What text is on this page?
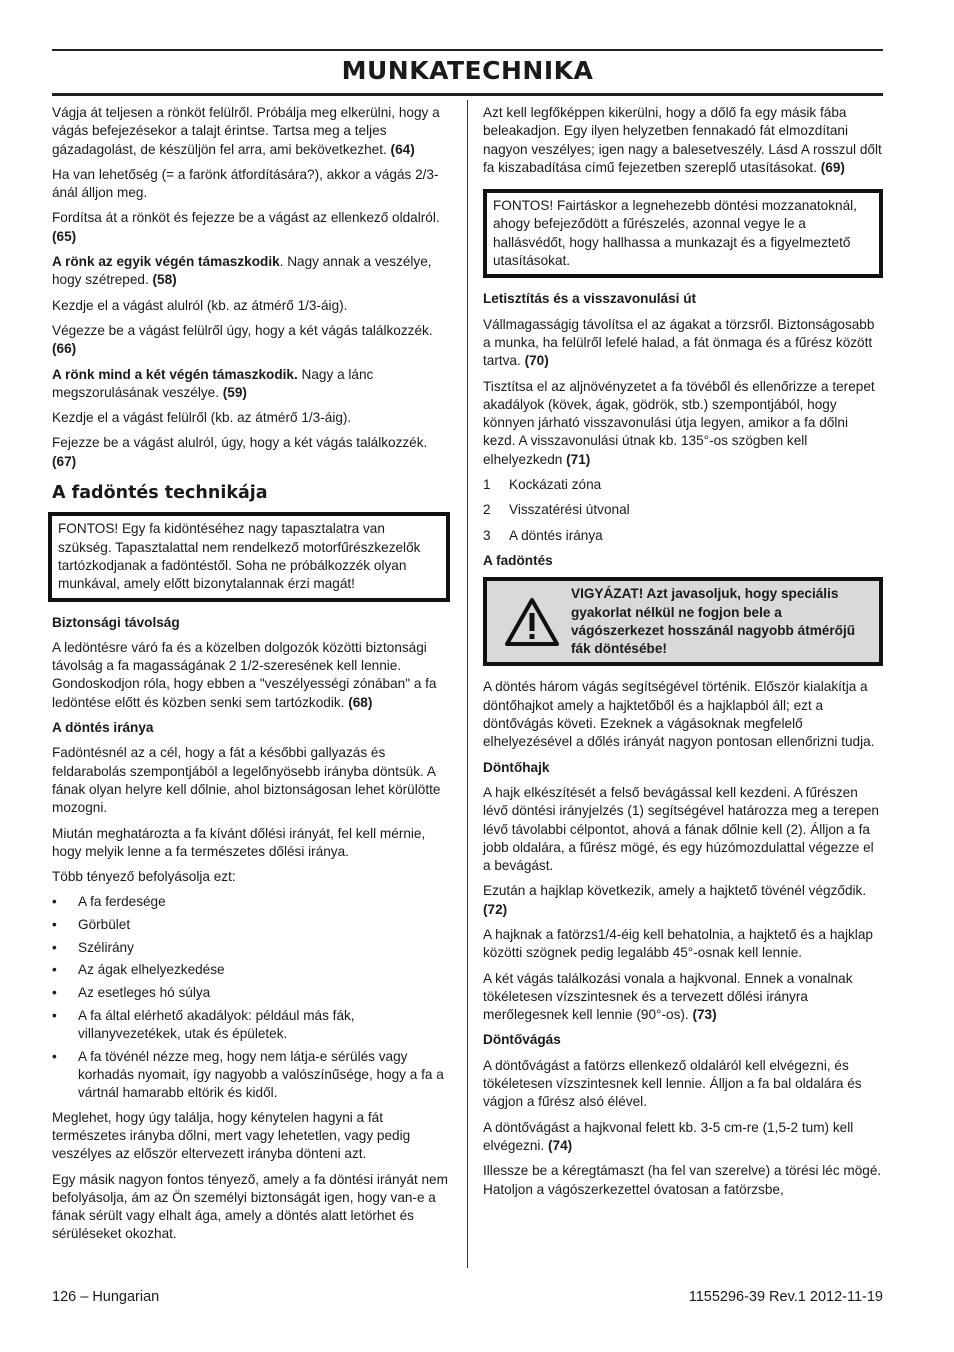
MUNKATECHNIKA

Vágja át teljesen a rönköt felülről. Próbálja meg elkerülni, hogy a vágás befejezésekor a talajt érintse. Tartsa meg a teljes gázadagolást, de készüljön fel arra, ami bekövetkezhet. (64)

Ha van lehetőség (= a farönk átfordítására?), akkor a vágás 2/3-ánál álljon meg.

Fordítsa át a rönköt és fejezze be a vágást az ellenkező oldalról. (65)

A rönk az egyik végén támaszkodik. Nagy annak a veszélye, hogy szétreped. (58)

Kezdje el a vágást alulról (kb. az átmérő 1/3-áig).

Végezze be a vágást felülről úgy, hogy a két vágás találkozzék. (66)

A rönk mind a két végén támaszkodik. Nagy a lánc megszorulásának veszélye. (59)

Kezdje el a vágást felülről (kb. az átmérő 1/3-áig).

Fejezze be a vágást alulról, úgy, hogy a két vágás találkozzék. (67)

A fadöntés technikája
FONTOS! Egy fa kidöntéséhez nagy tapasztalatra van szükség. Tapasztalattal nem rendelkező motorfűrészkezelők tartózkodjanak a fadöntéstől. Soha ne próbálkozzék olyan munkával, amely előtt bizonytalannak érzi magát!
Biztonsági távolság

A ledöntésre váró fa és a közelben dolgozók közötti biztonsági távolság a fa magasságának 2 1/2-szeresének kell lennie. Gondoskodjon róla, hogy ebben a "veszélyességi zónában" a fa ledöntése előtt és közben senki sem tartózkodik. (68)

A döntés iránya

Fadöntésnél az a cél, hogy a fát a későbbi gallyazás és feldarabolás szempontjából a legelőnyösebb irányba döntsük. A fának olyan helyre kell dőlnie, ahol biztonságosan lehet körülötte mozogni.

Miután meghatározta a fa kívánt dőlési irányát, fel kell mérnie, hogy melyik lenne a fa természetes dőlési iránya.

Több tényező befolyásolja ezt:

• A fa ferdesége
• Görbület
• Szélirány
• Az ágak elhelyezkedése
• Az esetleges hó súlya
• A fa által elérhető akadályok: például más fák, villanyvezetékek, utak és épületek.
• A fa tövénél nézze meg, hogy nem látja-e sérülés vagy korhadás nyomait, így nagyobb a valószínűsége, hogy a fa a vártnál hamarabb eltörik és kidől.

Meglehet, hogy úgy találja, hogy kénytelen hagyni a fát természetes irányba dőlni, mert vagy lehetetlen, vagy pedig veszélyes az először eltervezett irányba dönteni azt.

Egy másik nagyon fontos tényező, amely a fa döntési irányát nem befolyásolja, ám az Ön személyi biztonságát igen, hogy van-e a fának sérült vagy elhalt ága, amely a döntés alatt letörhet és sérüléseket okozhat.

Azt kell legfőképpen kikerülni, hogy a dőlő fa egy másik fába beleakadjon. Egy ilyen helyzetben fennakadó fát elmozdítani nagyon veszélyes; igen nagy a balesetveszély. Lásd A rosszul dőlt fa kiszabadítása című fejezetben szereplő utasításokat. (69)

FONTOS! Fairtáskor a legnehezebb döntési mozzanatoknál, ahogy befejeződött a fűrészelés, azonnal vegye le a hallásvédőt, hogy hallhassa a munkazajt és a figyelmeztető utasításokat.
Letisztítás és a visszavonulási út

Vállmagasságig távolítsa el az ágakat a törzsről. Biztonságosabb a munka, ha felülről lefelé halad, a fát önmaga és a fűrész között tartva. (70)

Tisztítsa el az aljnövényzetet a fa tövéből és ellenőrizze a terepet akadályok (kövek, ágak, gödrök, stb.) szempontjából, hogy könnyen járható visszavonulási útja legyen, amikor a fa dőlni kezd. A visszavonulási útnak kb. 135°-os szögben kell elhelyezkedn (71)

1	Kockázati zóna
2	Visszatérési útvonal
3	A döntés iránya
A fadöntés
VIGYÁZAT! Azt javasoljuk, hogy speciális gyakorlat nélkül ne fogjon bele a vágószerkezet hosszánál nagyobb átmérőjű fák döntésébe!

A döntés három vágás segítségével történik. Először kialakítja a döntőhajkot amely a hajktetőből és a hajklapból áll; ezt a döntővágás követi. Ezeknek a vágásoknak megfelelő elhelyezésével a dőlés irányát nagyon pontosan ellenőrizni tudja.

Döntőhajk

A hajk elkészítését a felső bevágással kell kezdeni. A fűrészen lévő döntési irányjelzés (1) segítségével határozza meg a terepen lévő távolabbi célpontot, ahová a fának dőlnie kell (2). Álljon a fa jobb oldalára, a fűrész mögé, és egy húzómozdulattal végezze el a bevágást.

Ezután a hajklap következik, amely a hajktető tövénél végződik. (72)

A hajknak a fatörzs1/4-éig kell behatolnia, a hajktető és a hajklap közötti szögnek pedig legalább 45°-osnak kell lennie.

A két vágás találkozási vonala a hajkvonal. Ennek a vonalnak tökéletesen vízszintesnek és a tervezett dőlési irányra merőlegesnek kell lennie (90°-os). (73)

Döntővágás

A döntővágást a fatörzs ellenkező oldaláról kell elvégezni, és tökéletesen vízszintesnek kell lennie. Álljon a fa bal oldalára és vágjon a fűrész alsó élével.

A döntővágást a hajkvonal felett kb. 3-5 cm-re (1,5-2 tum) kell elvégezni. (74)

Illessze be a kéregtámaszt (ha fel van szerelve) a törési léc mögé. Hatoljon a vágószerkezettel óvatosan a fatörzsbe,

126 – Hungarian	1155296-39 Rev.1 2012-11-19
